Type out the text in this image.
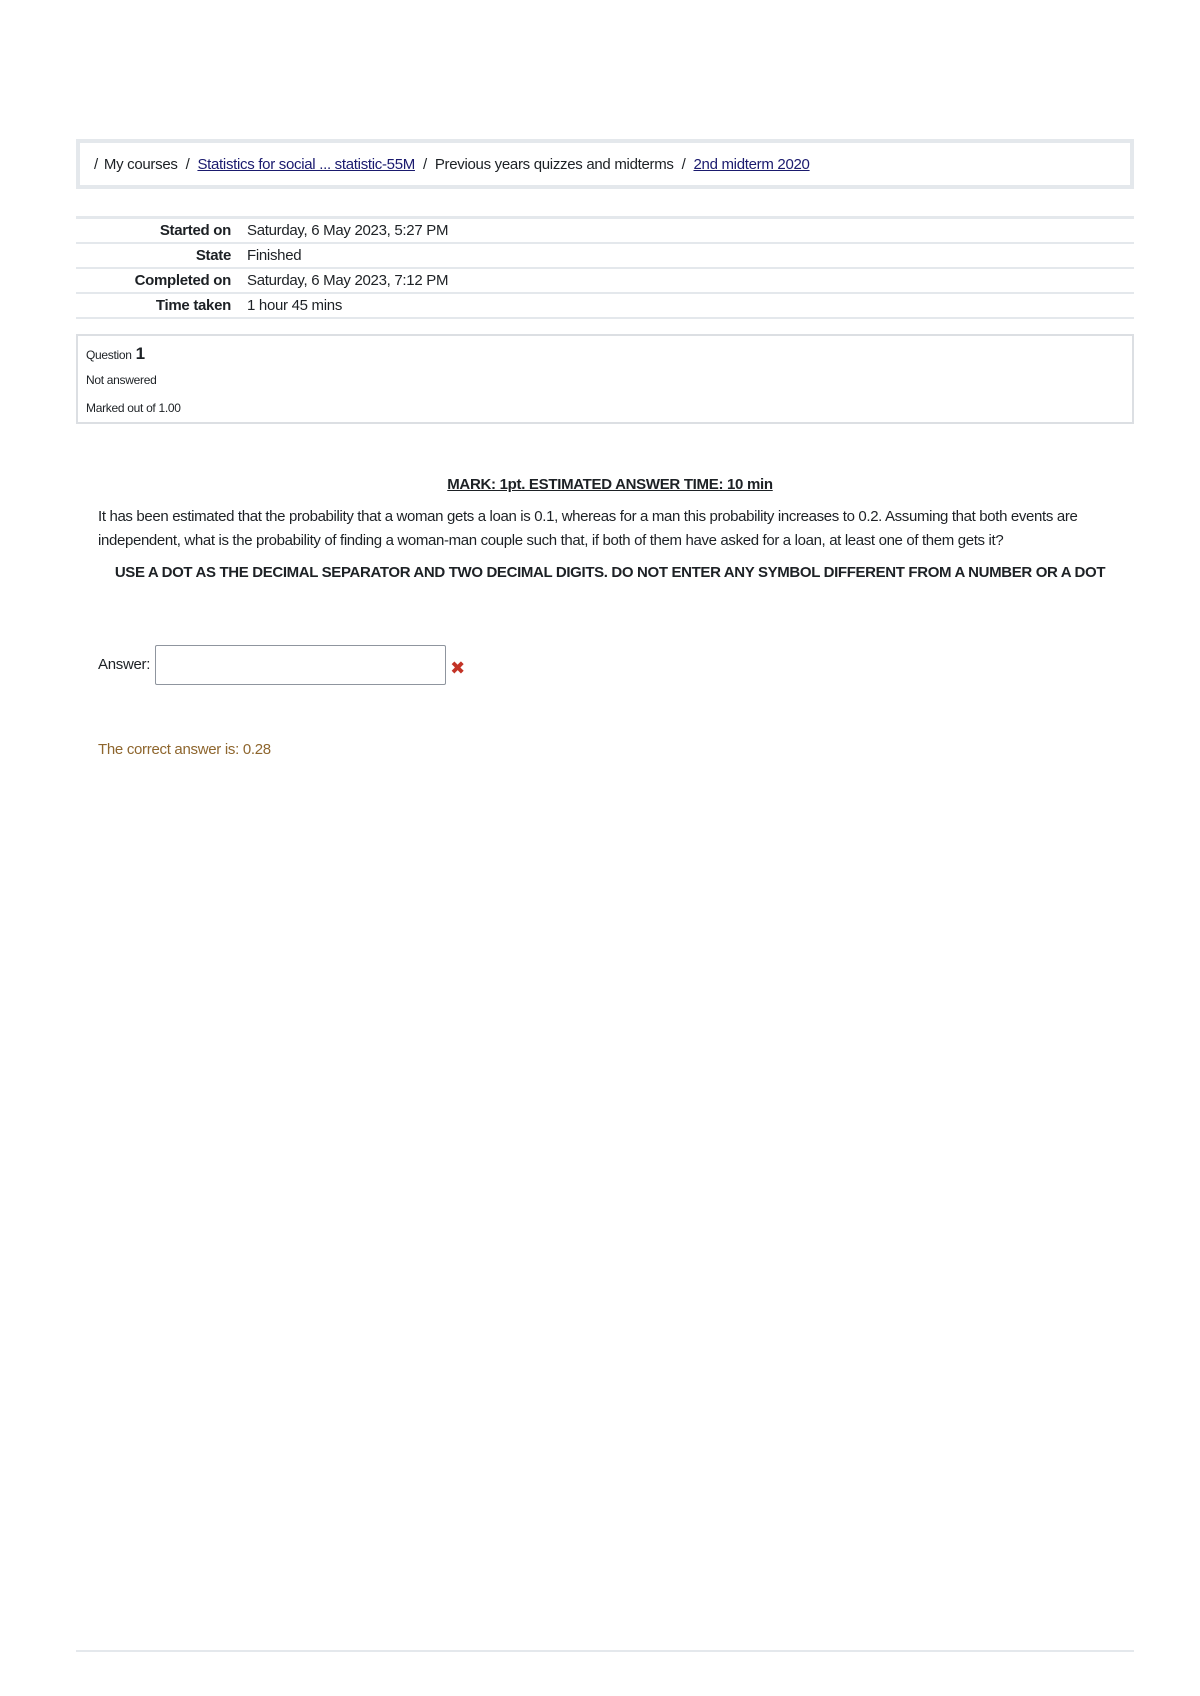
/ My courses / Statistics for social ... statistic-55M / Previous years quizzes and midterms / 2nd midterm 2020
Started on	Saturday, 6 May 2023, 5:27 PM
State	Finished
Completed on	Saturday, 6 May 2023, 7:12 PM
Time taken	1 hour 45 mins
Question 1
Not answered
Marked out of 1.00
MARK: 1pt. ESTIMATED ANSWER TIME: 10 min
It has been estimated that the probability that a woman gets a loan is 0.1, whereas for a man this probability increases to 0.2. Assuming that both events are independent, what is the probability of finding a woman-man couple such that, if both of them have asked for a loan, at least one of them gets it?
USE A DOT AS THE DECIMAL SEPARATOR AND TWO DECIMAL DIGITS. DO NOT ENTER ANY SYMBOL DIFFERENT FROM A NUMBER OR A DOT
Answer:	✖
The correct answer is: 0.28
